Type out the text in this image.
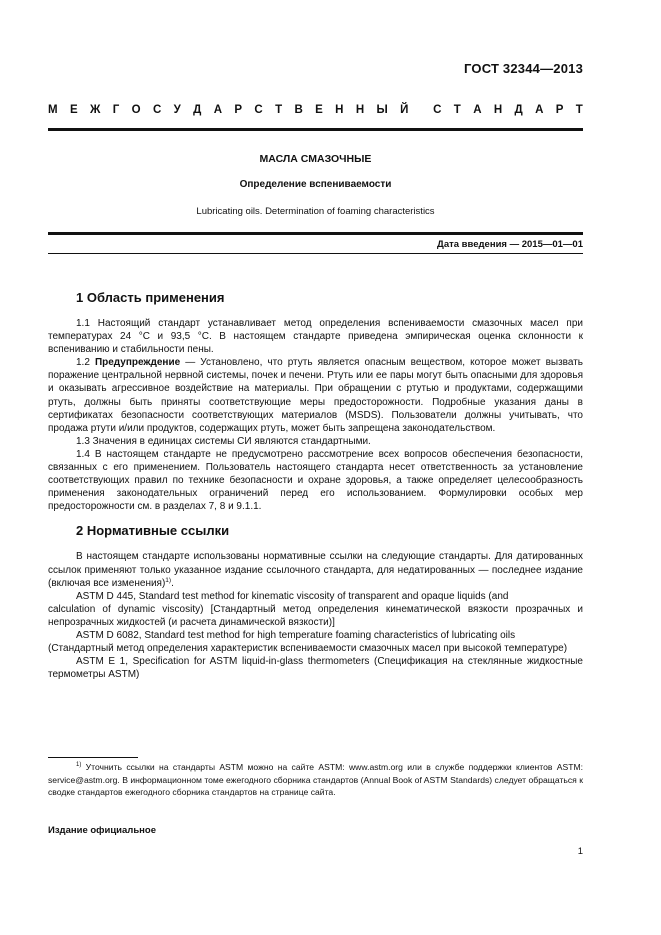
ГОСТ 32344—2013
М Е Ж Г О С У Д А Р С Т В Е Н Н Ы Й С Т А Н Д А Р Т
МАСЛА СМАЗОЧНЫЕ
Определение вспениваемости
Lubricating oils. Determination of foaming characteristics
Дата введения — 2015—01—01
1 Область применения

1.1 Настоящий стандарт устанавливает метод определения вспениваемости смазочных масел при температурах 24 °С и 93,5 °С. В настоящем стандарте приведена эмпирическая оценка склонности к вспениванию и стабильности пены.

1.2 Предупреждение — Установлено, что ртуть является опасным веществом, которое может вызвать поражение центральной нервной системы, почек и печени. Ртуть или ее пары могут быть опасными для здоровья и оказывать агрессивное воздействие на материалы. При обращении с ртутью и продуктами, содержащими ртуть, должны быть приняты соответствующие меры предосторожности. Подробные указания даны в сертификатах безопасности соответствующих материалов (MSDS). Пользователи должны учитывать, что продажа ртути и/или продуктов, содержащих ртуть, может быть запрещена законодательством.

1.3 Значения в единицах системы СИ являются стандартными.

1.4 В настоящем стандарте не предусмотрено рассмотрение всех вопросов обеспечения безопасности, связанных с его применением. Пользователь настоящего стандарта несет ответственность за установление соответствующих правил по технике безопасности и охране здоровья, а также определяет целесообразность применения законодательных ограничений перед его использованием. Формулировки особых мер предосторожности см. в разделах 7, 8 и 9.1.1.

2 Нормативные ссылки

В настоящем стандарте использованы нормативные ссылки на следующие стандарты. Для датированных ссылок применяют только указанное издание ссылочного стандарта, для недатированных — последнее издание (включая все изменения)$^{1)}$.

ASTM D 445, Standard test method for kinematic viscosity of transparent and opaque liquids (and

calculation of dynamic viscosity) [Стандартный метод определения кинематической вязкости прозрачных и непрозрачных жидкостей (и расчета динамической вязкости)]

ASTM D 6082, Standard test method for high temperature foaming characteristics of lubricating oils

(Стандартный метод определения характеристик вспениваемости смазочных масел при высокой температуре)

ASTM E 1, Specification for ASTM liquid-in-glass thermometers (Спецификация на стеклянные жидкостные термометры ASTM)

$^{1)}$ Уточнить ссылки на стандарты ASTM можно на сайте ASTM: www.astm.org или в службе поддержки клиентов ASTM: service@astm.org. В информационном томе ежегодного сборника стандартов (Annual Book of ASTM Standards) следует обращаться к сводке стандартов ежегодного сборника стандартов на странице сайта.

Издание официальное
1
